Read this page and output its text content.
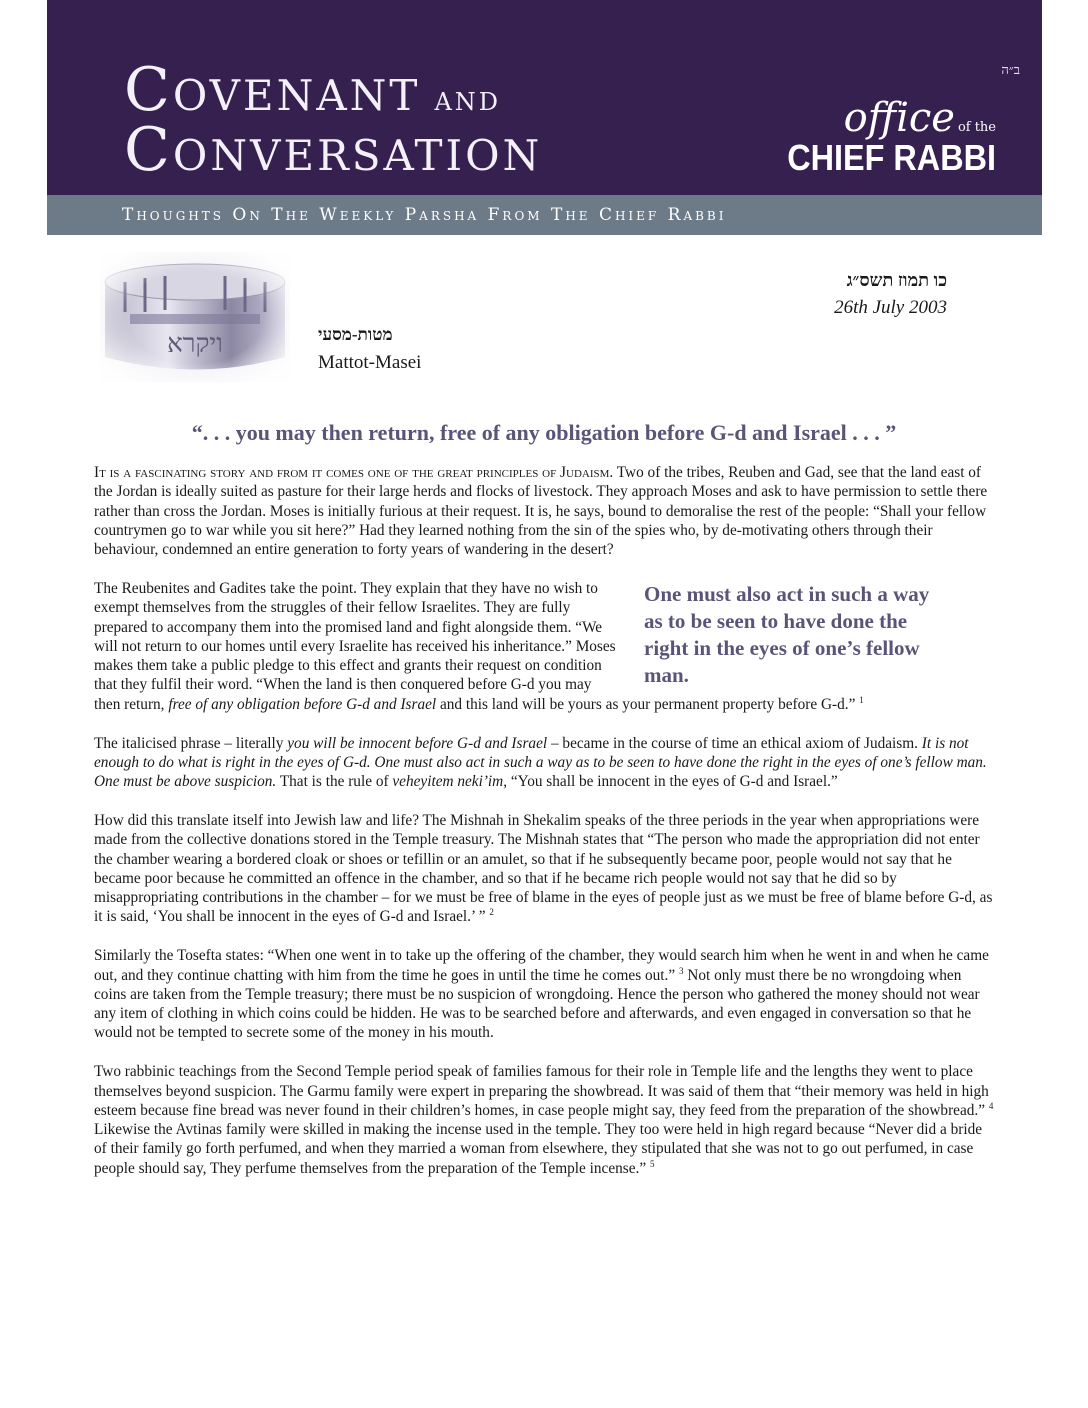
Covenant and
Conversation
ב״ה
office of the
CHIEF RABBI
Thoughts On The Weekly Parsha From The Chief Rabbi
מטות-מסעי
Mattot-Masei
כו תמוז תשס״ג
26th July 2003
“. . . you may then return, free of any obligation before G-d and Israel . . . ”

It is a fascinating story and from it comes one of the great principles of Judaism. Two of the tribes, Reuben and Gad, see that the land east of the Jordan is ideally suited as pasture for their large herds and flocks of livestock. They approach Moses and ask to have permission to settle there rather than cross the Jordan. Moses is initially furious at their request. It is, he says, bound to demoralise the rest of the people: “Shall your fellow countrymen go to war while you sit here?” Had they learned nothing from the sin of the spies who, by de-motivating others through their behaviour, condemned an entire generation to forty years of wandering in the desert?

One must also act in such a way as to be seen to have done the right in the eyes of one’s fellow man.
The Reubenites and Gadites take the point. They explain that they have no wish to exempt themselves from the struggles of their fellow Israelites. They are fully prepared to accompany them into the promised land and fight alongside them. “We will not return to our homes until every Israelite has received his inheritance.” Moses makes them take a public pledge to this effect and grants their request on condition that they fulfil their word. “When the land is then conquered before G-d you may then return, free of any obligation before G-d and Israel and this land will be yours as your permanent property before G-d.” $^1$

The italicised phrase – literally you will be innocent before G-d and Israel – became in the course of time an ethical axiom of Judaism. It is not enough to do what is right in the eyes of G-d. One must also act in such a way as to be seen to have done the right in the eyes of one’s fellow man. One must be above suspicion. That is the rule of veheyitem neki’im, “You shall be innocent in the eyes of G-d and Israel.”

How did this translate itself into Jewish law and life? The Mishnah in Shekalim speaks of the three periods in the year when appropriations were made from the collective donations stored in the Temple treasury. The Mishnah states that “The person who made the appropriation did not enter the chamber wearing a bordered cloak or shoes or tefillin or an amulet, so that if he subsequently became poor, people would not say that he became poor because he committed an offence in the chamber, and so that if he became rich people would not say that he did so by misappropriating contributions in the chamber – for we must be free of blame in the eyes of people just as we must be free of blame before G-d, as it is said, ‘You shall be innocent in the eyes of G-d and Israel.’ ” $^2$

Similarly the Tosefta states: “When one went in to take up the offering of the chamber, they would search him when he went in and when he came out, and they continue chatting with him from the time he goes in until the time he comes out.” $^3$ Not only must there be no wrongdoing when coins are taken from the Temple treasury; there must be no suspicion of wrongdoing. Hence the person who gathered the money should not wear any item of clothing in which coins could be hidden. He was to be searched before and afterwards, and even engaged in conversation so that he would not be tempted to secrete some of the money in his mouth.

Two rabbinic teachings from the Second Temple period speak of families famous for their role in Temple life and the lengths they went to place themselves beyond suspicion. The Garmu family were expert in preparing the showbread. It was said of them that “their memory was held in high esteem because fine bread was never found in their children’s homes, in case people might say, they feed from the preparation of the showbread.” $^4$ Likewise the Avtinas family were skilled in making the incense used in the temple. They too were held in high regard because “Never did a bride of their family go forth perfumed, and when they married a woman from elsewhere, they stipulated that she was not to go out perfumed, in case people should say, They perfume themselves from the preparation of the Temple incense.” $^5$
